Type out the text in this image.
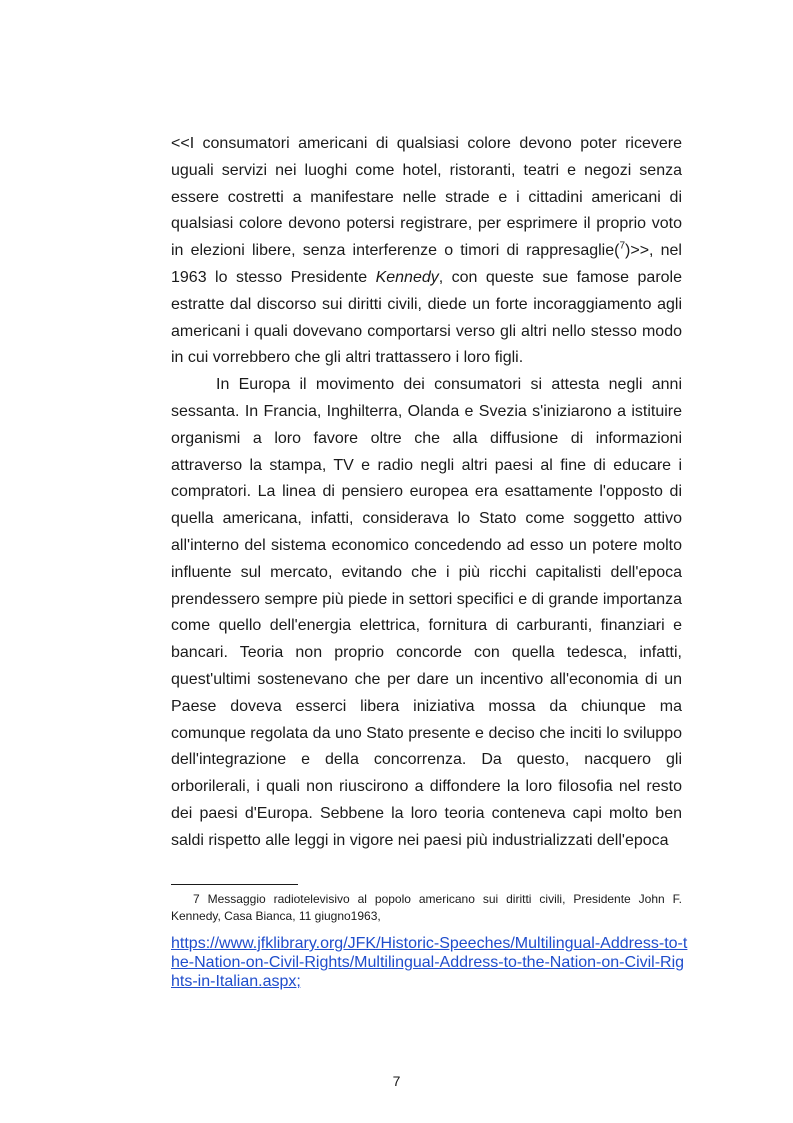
<<I consumatori americani di qualsiasi colore devono poter ricevere uguali servizi nei luoghi come hotel, ristoranti, teatri e negozi senza essere costretti a manifestare nelle strade e i cittadini americani di qualsiasi colore devono potersi registrare, per esprimere il proprio voto in elezioni libere, senza interferenze o timori di rappresaglie($^7$)>>, nel 1963 lo stesso Presidente Kennedy, con queste sue famose parole estratte dal discorso sui diritti civili, diede un forte incoraggiamento agli americani i quali dovevano comportarsi verso gli altri nello stesso modo in cui vorrebbero che gli altri trattassero i loro figli.

In Europa il movimento dei consumatori si attesta negli anni sessanta. In Francia, Inghilterra, Olanda e Svezia s'iniziarono a istituire organismi a loro favore oltre che alla diffusione di informazioni attraverso la stampa, TV e radio negli altri paesi al fine di educare i compratori. La linea di pensiero europea era esattamente l'opposto di quella americana, infatti, considerava lo Stato come soggetto attivo all'interno del sistema economico concedendo ad esso un potere molto influente sul mercato, evitando che i più ricchi capitalisti dell'epoca prendessero sempre più piede in settori specifici e di grande importanza come quello dell'energia elettrica, fornitura di carburanti, finanziari e bancari. Teoria non proprio concorde con quella tedesca, infatti, quest'ultimi sostenevano che per dare un incentivo all'economia di un Paese doveva esserci libera iniziativa mossa da chiunque ma comunque regolata da uno Stato presente e deciso che inciti lo sviluppo dell'integrazione e della concorrenza. Da questo, nacquero gli orborilerali, i quali non riuscirono a diffondere la loro filosofia nel resto dei paesi d'Europa. Sebbene la loro teoria conteneva capi molto ben saldi rispetto alle leggi in vigore nei paesi più industrializzati dell'epoca

7 Messaggio radiotelevisivo al popolo americano sui diritti civili, Presidente John F. Kennedy, Casa Bianca, 11 giugno1963,
https://www.jfklibrary.org/JFK/Historic-Speeches/Multilingual-Address-to-the-Nation-on-Civil-Rights/Multilingual-Address-to-the-Nation-on-Civil-Rights-in-Italian.aspx;
7
